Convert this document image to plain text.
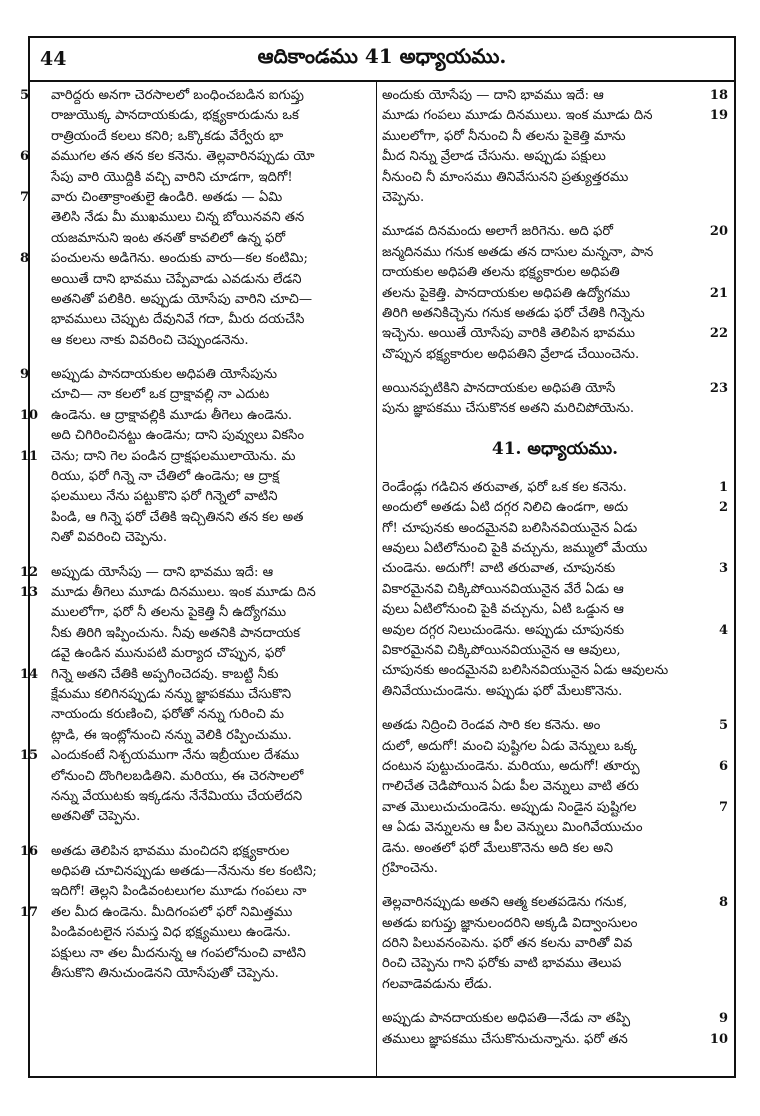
44	ఆదికాండము 41 అధ్యాయము.
5 వారిద్దరు అనగా చెరసాలలో బంధించబడిన ఐగుప్తు
రాజుయొక్క పానదాయకుడు, భక్ష్యకారుడును ఒక
రాత్రియందే కలలు కనిరి; ఒక్కొకడు వేర్వేరు భా
6 వముగల తన తన కల కనెను. తెల్లవారినప్పుడు యో
సేపు వారి యొద్దికి వచ్చి వారిని చూడగా, ఇదిగో!
7 వారు చింతాక్రాంతులై ఉండిరి. అతడు — ఏమి
తెలిసి నేడు మీ ముఖములు చిన్న బోయినవని తన
యజమానుని ఇంట తనతో కావలిలో ఉన్న ఫరో
8 పంచులను అడిగెను. అందుకు వారు—కల కంటిమి;
అయితే దాని భావము చెప్పేవాడు ఎవడును లేడని
అతనితో పలికిరి. అప్పుడు యోసేపు వారిని చూచి—
భావములు చెప్పుట దేవునివే గదా, మీరు దయచేసి
ఆ కలలు నాకు వివరించి చెప్పుండనెను.
9 అప్పుడు పానదాయకుల అధిపతి యోసేపును
చూచి— నా కలలో ఒక ద్రాక్షావల్లి నా ఎదుట
10 ఉండెను. ఆ ద్రాక్షావల్లికి మూడు తీగెలు ఉండెను.
అది చిగిరించినట్టు ఉండెను; దాని పువ్వులు వికసిం
11 చెను; దాని గెల పండిన ద్రాక్షఫలములాయెను. మ
రియు, ఫరో గిన్నె నా చేతిలో ఉండెను; ఆ ద్రాక్ష
ఫలములు నేను పట్టుకొని ఫరో గిన్నెలో వాటిని
పిండి, ఆ గిన్నె ఫరో చేతికి ఇచ్చితినని తన కల అత
నితో వివరించి చెప్పెను.
12 అప్పుడు యోసేపు — దాని భావము ఇదే: ఆ
13 మూడు తీగెలు మూడు దినములు. ఇంక మూడు దిన
ములలోగా, ఫరో నీ తలను పైకెత్తి నీ ఉద్యోగము
నీకు తిరిగి ఇప్పించును. నీవు అతనికి పానదాయక
డవై ఉండిన మునుపటి మర్యాద చొప్పున, ఫరో
14 గిన్నె అతని చేతికి అప్పగించెదవు. కాబట్టి నీకు
క్షేమము కలిగినప్పుడు నన్ను జ్ఞాపకము చేసుకొని
నాయందు కరుణించి, ఫరోతో నన్ను గురించి మ
ట్లాడి, ఈ ఇంట్లోనుంచి నన్ను వెలికి రప్పించుము.
15 ఎందుకంటే నిశ్చయముగా నేను ఇబ్రీయుల దేశము
లోనుంచి దొంగిలబడితిని. మరియు, ఈ చెరసాలలో
నన్ను వేయుటకు ఇక్కడను నేనేమియు చేయలేదని
అతనితో చెప్పెను.
16 అతడు తెలిపిన భావము మంచిదని భక్ష్యకారుల
అధిపతి చూచినప్పుడు అతడు—నేనును కల కంటిని;
ఇదిగో! తెల్లని పిండివంటలుగల మూడు గంపలు నా
17 తల మీద ఉండెను. మీదిగంపలో ఫరో నిమిత్తము
పిండివంటలైన సమస్త విధ భక్ష్యములు ఉండెను.
పక్షులు నా తల మీదనున్న ఆ గంపలోనుంచి వాటిని
తీసుకొని తినుచుండెనని యోసేపుతో చెప్పెను.
18
అందుకు యోసేపు — దాని భావము ఇదే: ఆ
19
మూడు గంపలు మూడు దినములు. ఇంక మూడు దిన
ములలోగా, ఫరో నీనుంచి నీ తలను పైకెత్తి మాను
మీద నిన్ను వ్రేలాడ చేసును. అప్పుడు పక్షులు
నీనుంచి నీ మాంసము తినివేసునని ప్రత్యుత్తరము
చెప్పెను.
20
మూడవ దినమందు అలాగే జరిగెను. అది ఫరో
జన్మదినము గనుక అతడు తన దాసుల మన్ననా, పాన
దాయకుల అధిపతి తలను భక్ష్యకారుల అధిపతి
21
తలను పైకెత్తి. పానదాయకుల అధిపతి ఉద్యోగము
తిరిగి అతనికిచ్చెను గనుక అతడు ఫరో చేతికి గిన్నెను
22
ఇచ్చెను. అయితే యోసేపు వారికి తెలిపిన భావము
చొప్పున భక్ష్యకారుల అధిపతిని వ్రేలాడ చేయించెను.
23
అయినప్పటికిని పానదాయకుల అధిపతి యోసే
పును జ్ఞాపకము చేసుకొనక అతని మరిచిపోయెను.
41. అధ్యాయము.
1
రెండేండ్లు గడిచిన తరువాత, ఫరో ఒక కల కనెను.
2
అందులో అతడు ఏటి దగ్గర నిలిచి ఉండగా, అదు
గో! చూపునకు అందమైనవి బలిసినవియునైన ఏడు
ఆవులు ఏటిలోనుంచి పైకి వచ్చును, జమ్ములో మేయు
3
చుండెను. అదుగో! వాటి తరువాత, చూపునకు
వికారమైనవి చిక్కిపోయినవియునైన వేరే ఏడు ఆ
వులు ఏటిలోనుంచి పైకి వచ్చును, ఏటి ఒడ్డున ఆ
4
అవుల దగ్గర నిలుచుండెను. అప్పుడు చూపునకు
వికారమైనవి చిక్కిపోయినవియునైన ఆ ఆవులు,
చూపునకు అందమైనవి బలిసినవియునైన ఏడు ఆవులను
తినివేయుచుండెను. అప్పుడు ఫరో మేలుకొనెను.
5
అతడు నిద్రించి రెండవ సారి కల కనెను. అం
దులో, అదుగో! మంచి పుష్టిగల ఏడు వెన్నులు ఒక్క
6
దంటున పుట్టుచుండెను. మరియు, అదుగో! తూర్పు
గాలిచేత చెడిపోయిన ఏడు పీల వెన్నులు వాటి తరు
7
వాత మొలుచుచుండెను. అప్పుడు నిండైన పుష్టిగల
ఆ ఏడు వెన్నులను ఆ పీల వెన్నులు మింగివేయుచుం
డెను. అంతలో ఫరో మేలుకొనెను అది కల అని
గ్రహించెను.
8
తెల్లవారినప్పుడు అతని ఆత్మ కలతపడెను గనుక,
అతడు ఐగుప్తు జ్ఞానులందరిని అక్కడి విద్వాంసులం
దరిని పిలువనంపెను. ఫరో తన కలను వారితో వివ
రించి చెప్పెను గాని ఫరోకు వాటి భావము తెలుప
గలవాడెవడును లేడు.
9
అప్పుడు పానదాయకుల అధిపతి—నేడు నా తప్పి
10
తములు జ్ఞాపకము చేసుకొనుచున్నాను. ఫరో తన
